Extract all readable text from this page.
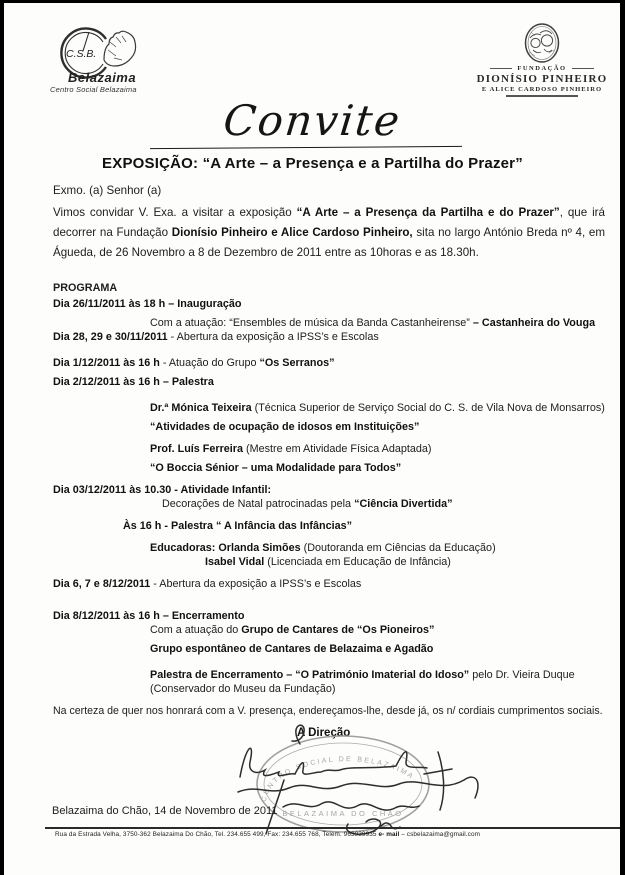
C.S.B.
Belazaima
Centro Social Belazaima
FUNDAÇÃO
DIONÍSIO PINHEIRO
E ALICE CARDOSO PINHEIRO
Convite
EXPOSIÇÃO: “A Arte – a Presença e a Partilha do Prazer”
Exmo. (a) Senhor (a)
Vimos convidar V. Exa. a visitar a exposição “A Arte – a Presença da Partilha e do Prazer”, que irá decorrer na Fundação Dionísio Pinheiro e Alice Cardoso Pinheiro, sita no largo António Breda nº 4, em Águeda, de 26 Novembro a 8 de Dezembro de 2011 entre as 10horas e as 18.30h.
PROGRAMA
Dia 26/11/2011 às 18 h – Inauguração
Com a atuação: “Ensembles de música da Banda Castanheirense” – Castanheira do Vouga
Dia 28, 29 e 30/11/2011 - Abertura da exposição a IPSS’s e Escolas
Dia 1/12/2011 às 16 h - Atuação do Grupo “Os Serranos”
Dia 2/12/2011 às 16 h – Palestra
Dr.ª Mónica Teixeira (Técnica Superior de Serviço Social do C. S. de Vila Nova de Monsarros)
“Atividades de ocupação de idosos em Instituições”
Prof. Luís Ferreira (Mestre em Atividade Física Adaptada)
“O Boccia Sénior – uma Modalidade para Todos”
Dia 03/12/2011 às 10.30 - Atividade Infantil:
Decorações de Natal patrocinadas pela “Ciência Divertida”
Às 16 h - Palestra “ A Infância das Infâncias”
Educadoras: Orlanda Simões (Doutoranda em Ciências da Educação)
Isabel Vidal (Licenciada em Educação de Infância)
Dia 6, 7 e 8/12/2011 - Abertura da exposição a IPSS’s e Escolas
Dia 8/12/2011 às 16 h – Encerramento
Com a atuação do Grupo de Cantares de “Os Pioneiros”
Grupo espontâneo de Cantares de Belazaima e Agadão
Palestra de Encerramento – “O Património Imaterial do Idoso” pelo Dr. Vieira Duque
(Conservador do Museu da Fundação)
Na certeza de quer nos honrará com a V. presença, endereçamos-lhe, desde já, os n/ cordiais cumprimentos sociais.
A Direção
CENTRO SOCIAL DE BELAZAIMA
BELAZAIMA DO CHÃO
Belazaima do Chão, 14 de Novembro de 2011
Rua da Estrada Velha, 3750-362 Belazaima Do Chão, Tel. 234.655 499, Fax: 234.655 768, Telem. 963939935 e- mail – csbelazaima@gmail.com
